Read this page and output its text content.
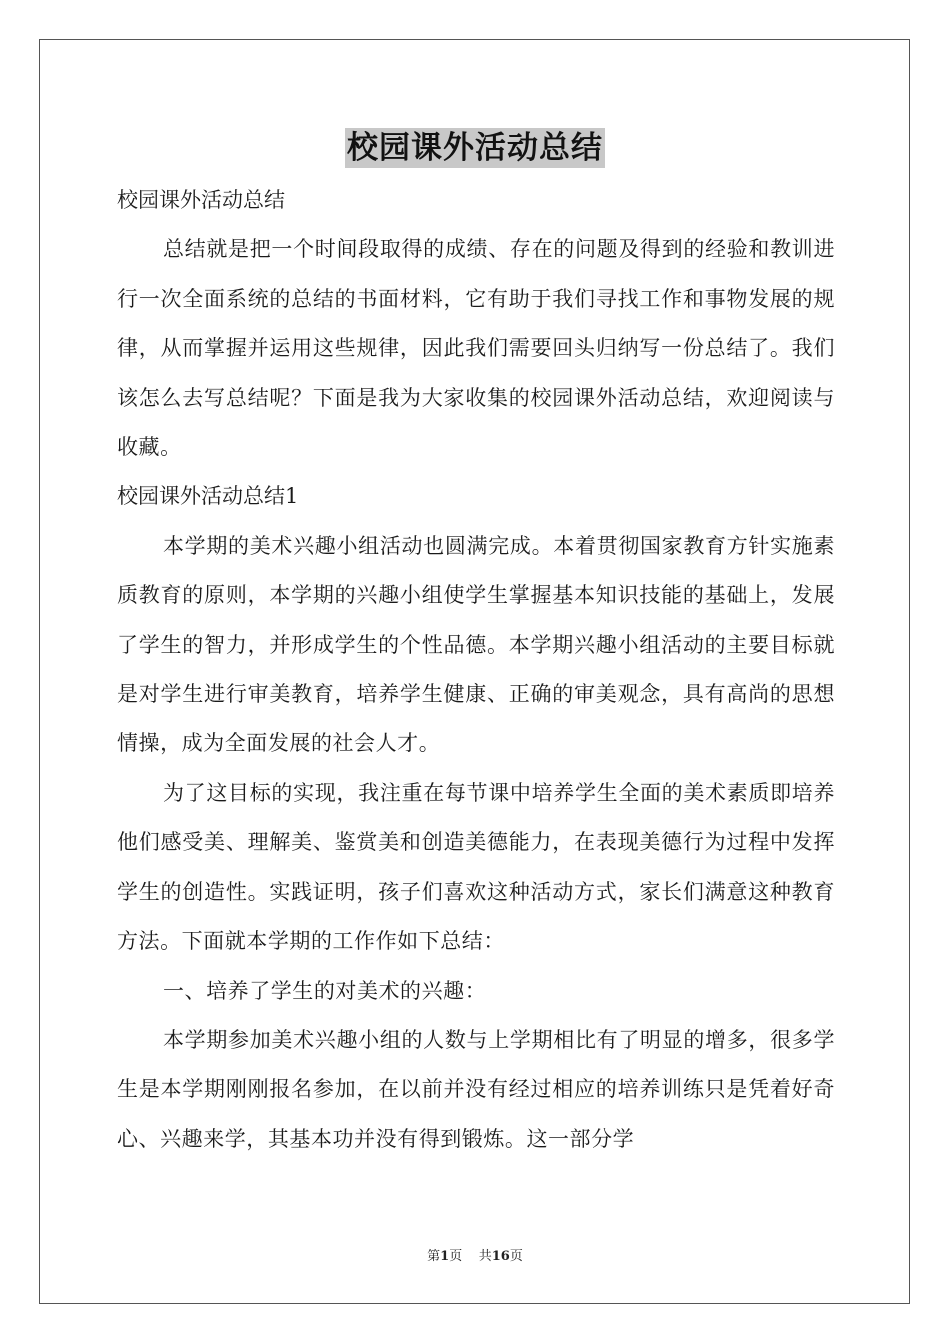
校园课外活动总结

校园课外活动总结

总结就是把一个时间段取得的成绩、存在的问题及得到的经验和教训进行一次全面系统的总结的书面材料，它有助于我们寻找工作和事物发展的规律，从而掌握并运用这些规律，因此我们需要回头归纳写一份总结了。我们该怎么去写总结呢？下面是我为大家收集的校园课外活动总结，欢迎阅读与收藏。

校园课外活动总结1

本学期的美术兴趣小组活动也圆满完成。本着贯彻国家教育方针实施素质教育的原则，本学期的兴趣小组使学生掌握基本知识技能的基础上，发展了学生的智力，并形成学生的个性品德。本学期兴趣小组活动的主要目标就是对学生进行审美教育，培养学生健康、正确的审美观念，具有高尚的思想情操，成为全面发展的社会人才。

为了这目标的实现，我注重在每节课中培养学生全面的美术素质即培养他们感受美、理解美、鉴赏美和创造美德能力，在表现美德行为过程中发挥学生的创造性。实践证明，孩子们喜欢这种活动方式，家长们满意这种教育方法。下面就本学期的工作作如下总结：

一、培养了学生的对美术的兴趣：

本学期参加美术兴趣小组的人数与上学期相比有了明显的增多，很多学生是本学期刚刚报名参加，在以前并没有经过相应的培养训练只是凭着好奇心、兴趣来学，其基本功并没有得到锻炼。这一部分学

第1页 共16页
